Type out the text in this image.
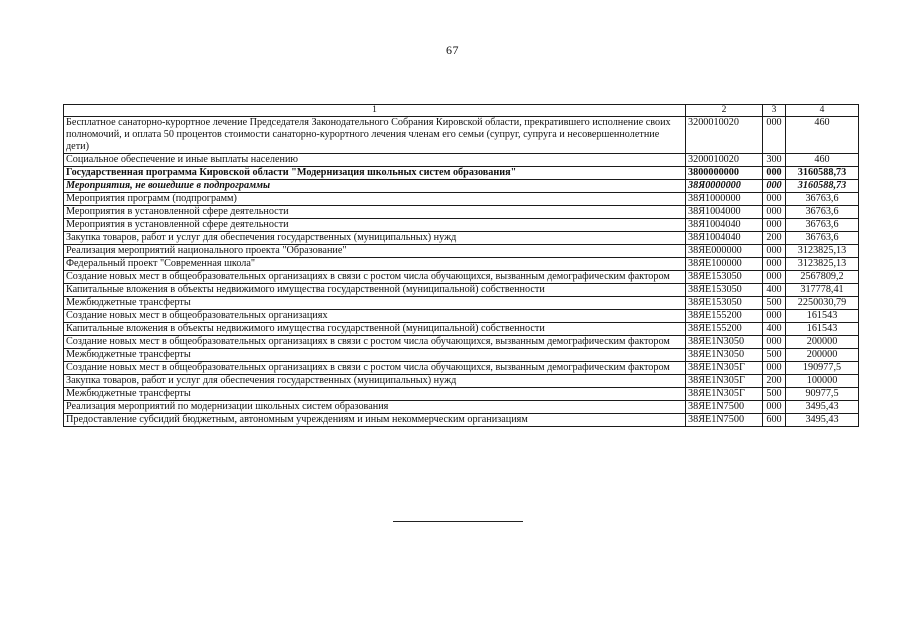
67
1	2	3	4
Бесплатное санаторно-курортное лечение Председателя Законодательного Собрания Кировской области, прекратившего исполнение своих полномочий, и оплата 50 процентов стоимости санаторно-курортного лечения членам его семьи (супруг, супруга и несовершеннолетние дети)	3200010020	000	460
Социальное обеспечение и иные выплаты населению	3200010020	300	460
Государственная программа Кировской области "Модернизация школьных систем образования"	3800000000	000	3160588,73
Мероприятия, не вошедшие в подпрограммы	38Я0000000	000	3160588,73
Мероприятия программ (подпрограмм)	38Я1000000	000	36763,6
Мероприятия в установленной сфере деятельности	38Я1004000	000	36763,6
Мероприятия в установленной сфере деятельности	38Я1004040	000	36763,6
Закупка товаров, работ и услуг для обеспечения государственных (муниципальных) нужд	38Я1004040	200	36763,6
Реализация мероприятий национального проекта "Образование"	38ЯE000000	000	3123825,13
Федеральный проект "Современная школа"	38ЯE100000	000	3123825,13
Создание новых мест в общеобразовательных организациях в связи с ростом числа обучающихся, вызванным демографическим фактором	38ЯE153050	000	2567809,2
Капитальные вложения в объекты недвижимого имущества государственной (муниципальной) собственности	38ЯE153050	400	317778,41
Межбюджетные трансферты	38ЯE153050	500	2250030,79
Создание новых мест в общеобразовательных организациях	38ЯE155200	000	161543
Капитальные вложения в объекты недвижимого имущества государственной (муниципальной) собственности	38ЯE155200	400	161543
Создание новых мест в общеобразовательных организациях в связи с ростом числа обучающихся, вызванным демографическим фактором	38ЯE1N3050	000	200000
Межбюджетные трансферты	38ЯE1N3050	500	200000
Создание новых мест в общеобразовательных организациях в связи с ростом числа обучающихся, вызванным демографическим фактором	38ЯE1N305Г	000	190977,5
Закупка товаров, работ и услуг для обеспечения государственных (муниципальных) нужд	38ЯE1N305Г	200	100000
Межбюджетные трансферты	38ЯE1N305Г	500	90977,5
Реализация мероприятий по модернизации школьных систем образования	38ЯE1N7500	000	3495,43
Предоставление субсидий бюджетным, автономным учреждениям и иным некоммерческим организациям	38ЯE1N7500	600	3495,43
